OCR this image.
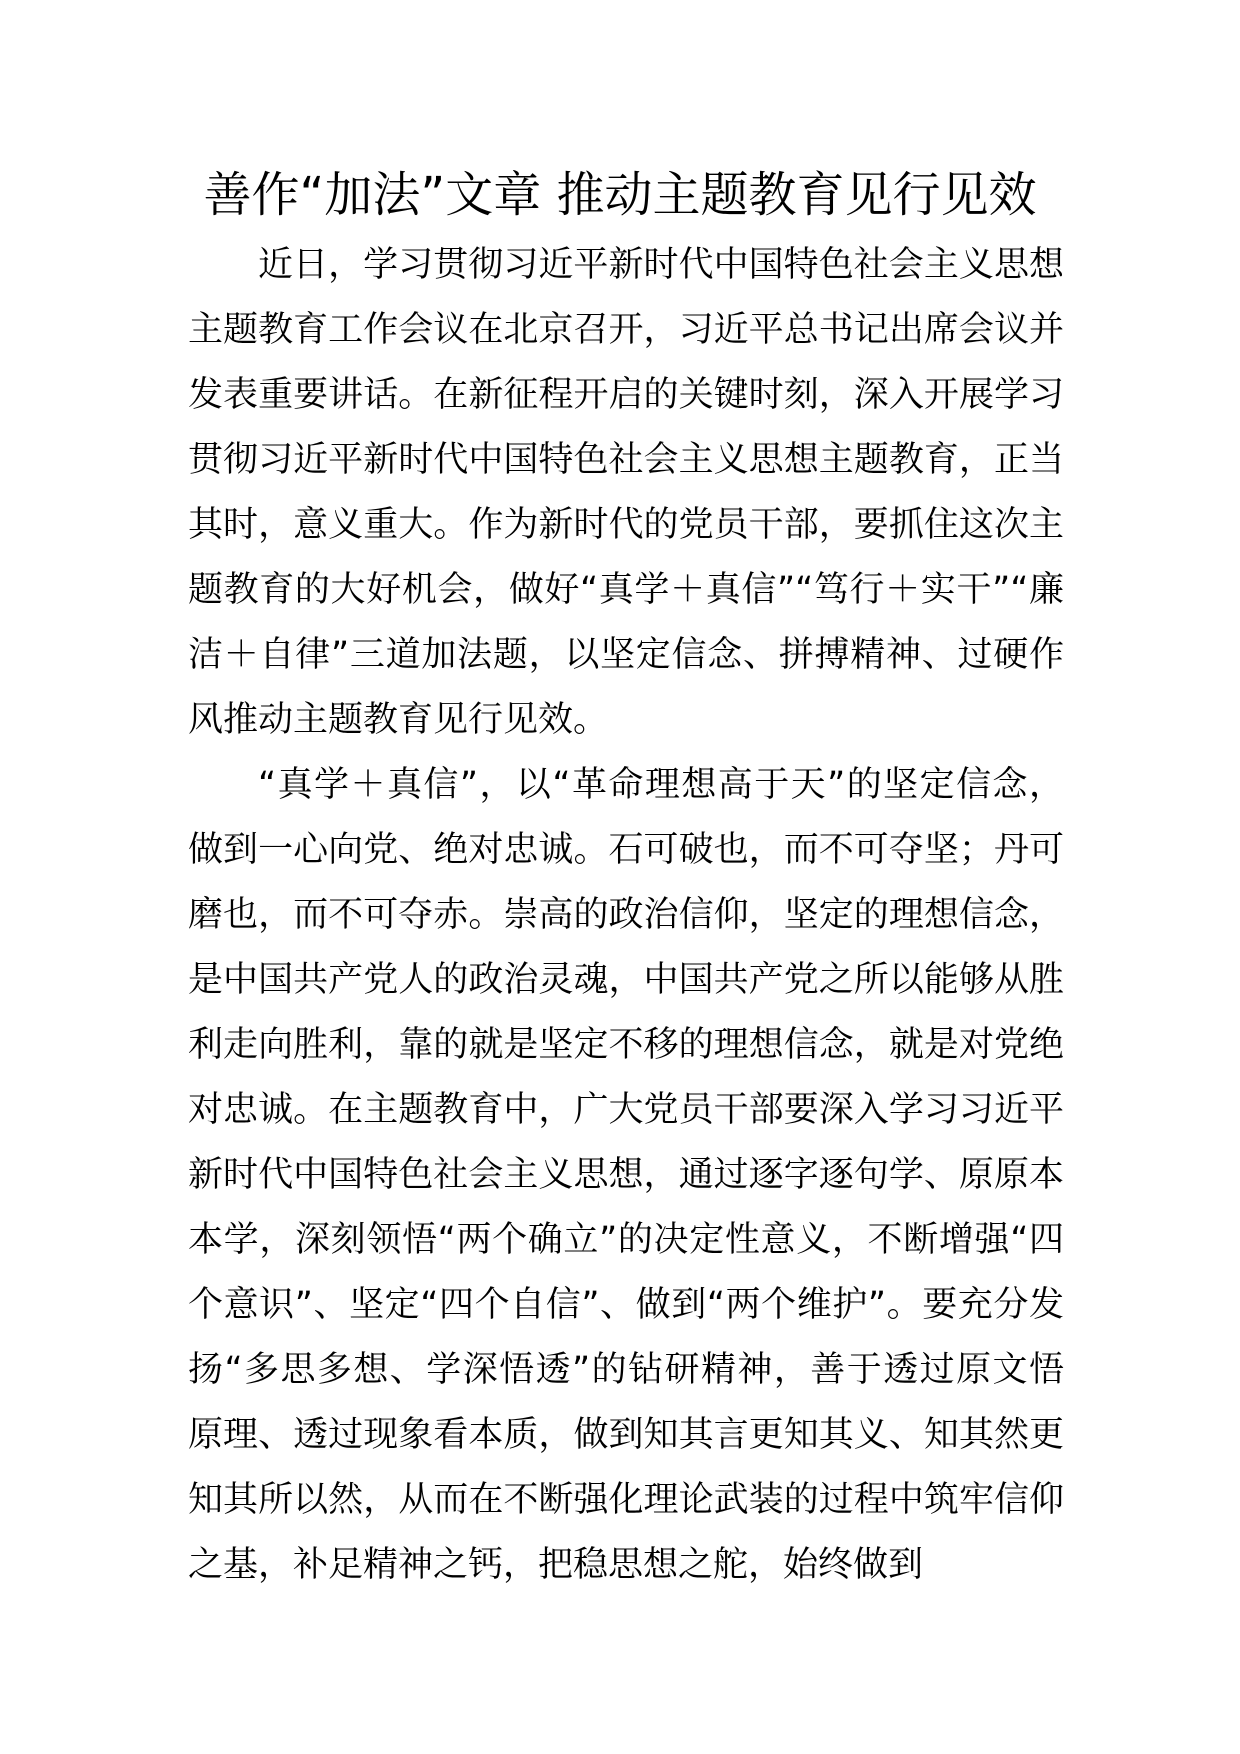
善作“加法”文章 推动主题教育见行见效

近日，学习贯彻习近平新时代中国特色社会主义思想主题教育工作会议在北京召开，习近平总书记出席会议并发表重要讲话。在新征程开启的关键时刻，深入开展学习贯彻习近平新时代中国特色社会主义思想主题教育，正当其时，意义重大。作为新时代的党员干部，要抓住这次主题教育的大好机会，做好“真学＋真信”“笃行＋实干”“廉洁＋自律”三道加法题，以坚定信念、拼搏精神、过硬作风推动主题教育见行见效。

“真学＋真信”，以“革命理想高于天”的坚定信念，做到一心向党、绝对忠诚。石可破也，而不可夺坚；丹可磨也，而不可夺赤。崇高的政治信仰，坚定的理想信念，是中国共产党人的政治灵魂，中国共产党之所以能够从胜利走向胜利，靠的就是坚定不移的理想信念，就是对党绝对忠诚。在主题教育中，广大党员干部要深入学习习近平新时代中国特色社会主义思想，通过逐字逐句学、原原本本学，深刻领悟“两个确立”的决定性意义，不断增强“四个意识”、坚定“四个自信”、做到“两个维护”。要充分发扬“多思多想、学深悟透”的钻研精神，善于透过原文悟原理、透过现象看本质，做到知其言更知其义、知其然更知其所以然，从而在不断强化理论武装的过程中筑牢信仰之基，补足精神之钙，把稳思想之舵，始终做到
